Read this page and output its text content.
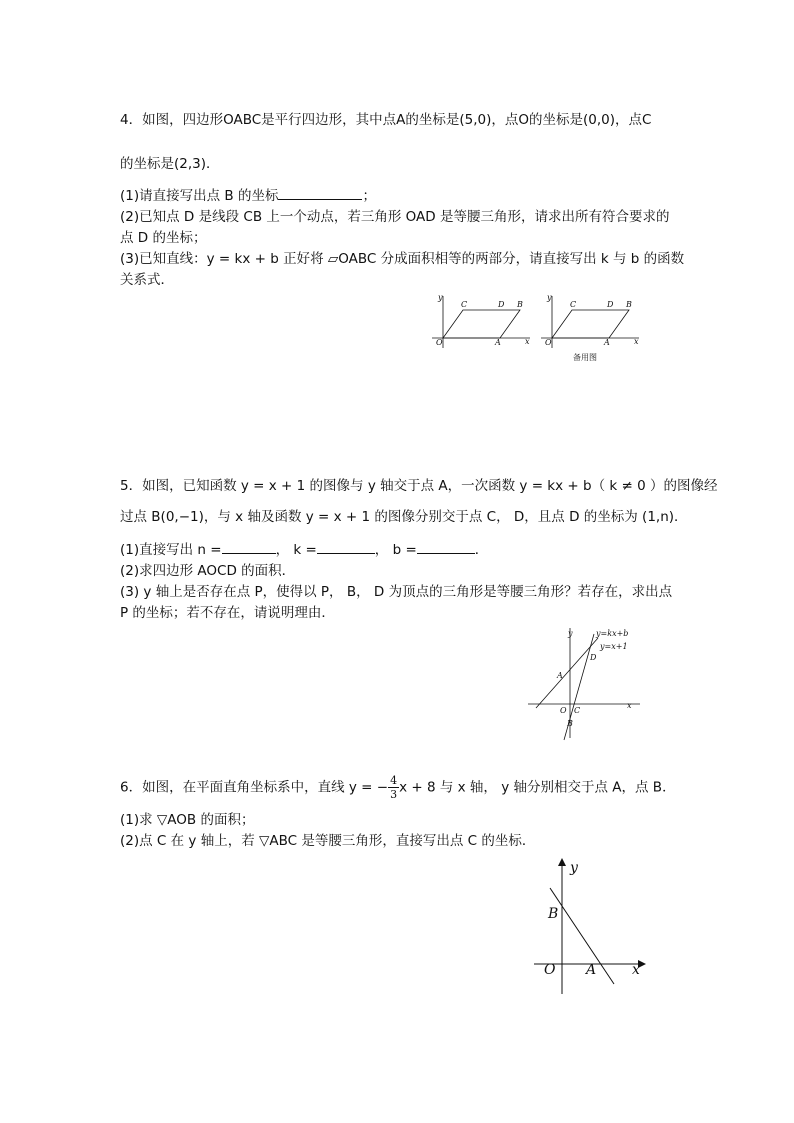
4．如图，四边形OABC是平行四边形，其中点A的坐标是(5,0)，点O的坐标是(0,0)，点C
的坐标是(2,3)．
(1)请直接写出点 B 的坐标	；
(2)已知点 D 是线段 CB 上一个动点，若三角形 OAD 是等腰三角形，请求出所有符合要求的
点 D 的坐标；
(3)已知直线：y = kx + b 正好将 ▱OABC 分成面积相等的两部分，请直接写出 k 与 b 的函数
关系式．
y
x
O	A
B
C	D
y
x
O	A
B
C	D
备用图
5．如图，已知函数 y = x + 1 的图像与 y 轴交于点 A，一次函数 y = kx + b（ k ≠ 0 ）的图像经
过点 B(0,−1)，与 x 轴及函数 y = x + 1 的图像分别交于点 C， D，且点 D 的坐标为 (1,n)．
(1)直接写出 n =	， k =	， b =	．
(2)求四边形 AOCD 的面积．
(3) y 轴上是否存在点 P，使得以 P， B， D 为顶点的三角形是等腰三角形？若存在，求出点
P 的坐标；若不存在，请说明理由．
y
x
O
A
B
C
D
y=kx+b
y=x+1
6．如图，在平面直角坐标系中，直线 y = − $\frac{4}{3}$ x + 8 与 x 轴， y 轴分别相交于点 A，点 B．
(1)求 ▽AOB 的面积；
(2)点 C 在 y 轴上，若 ▽ABC 是等腰三角形，直接写出点 C 的坐标．
y
x
O A
B
